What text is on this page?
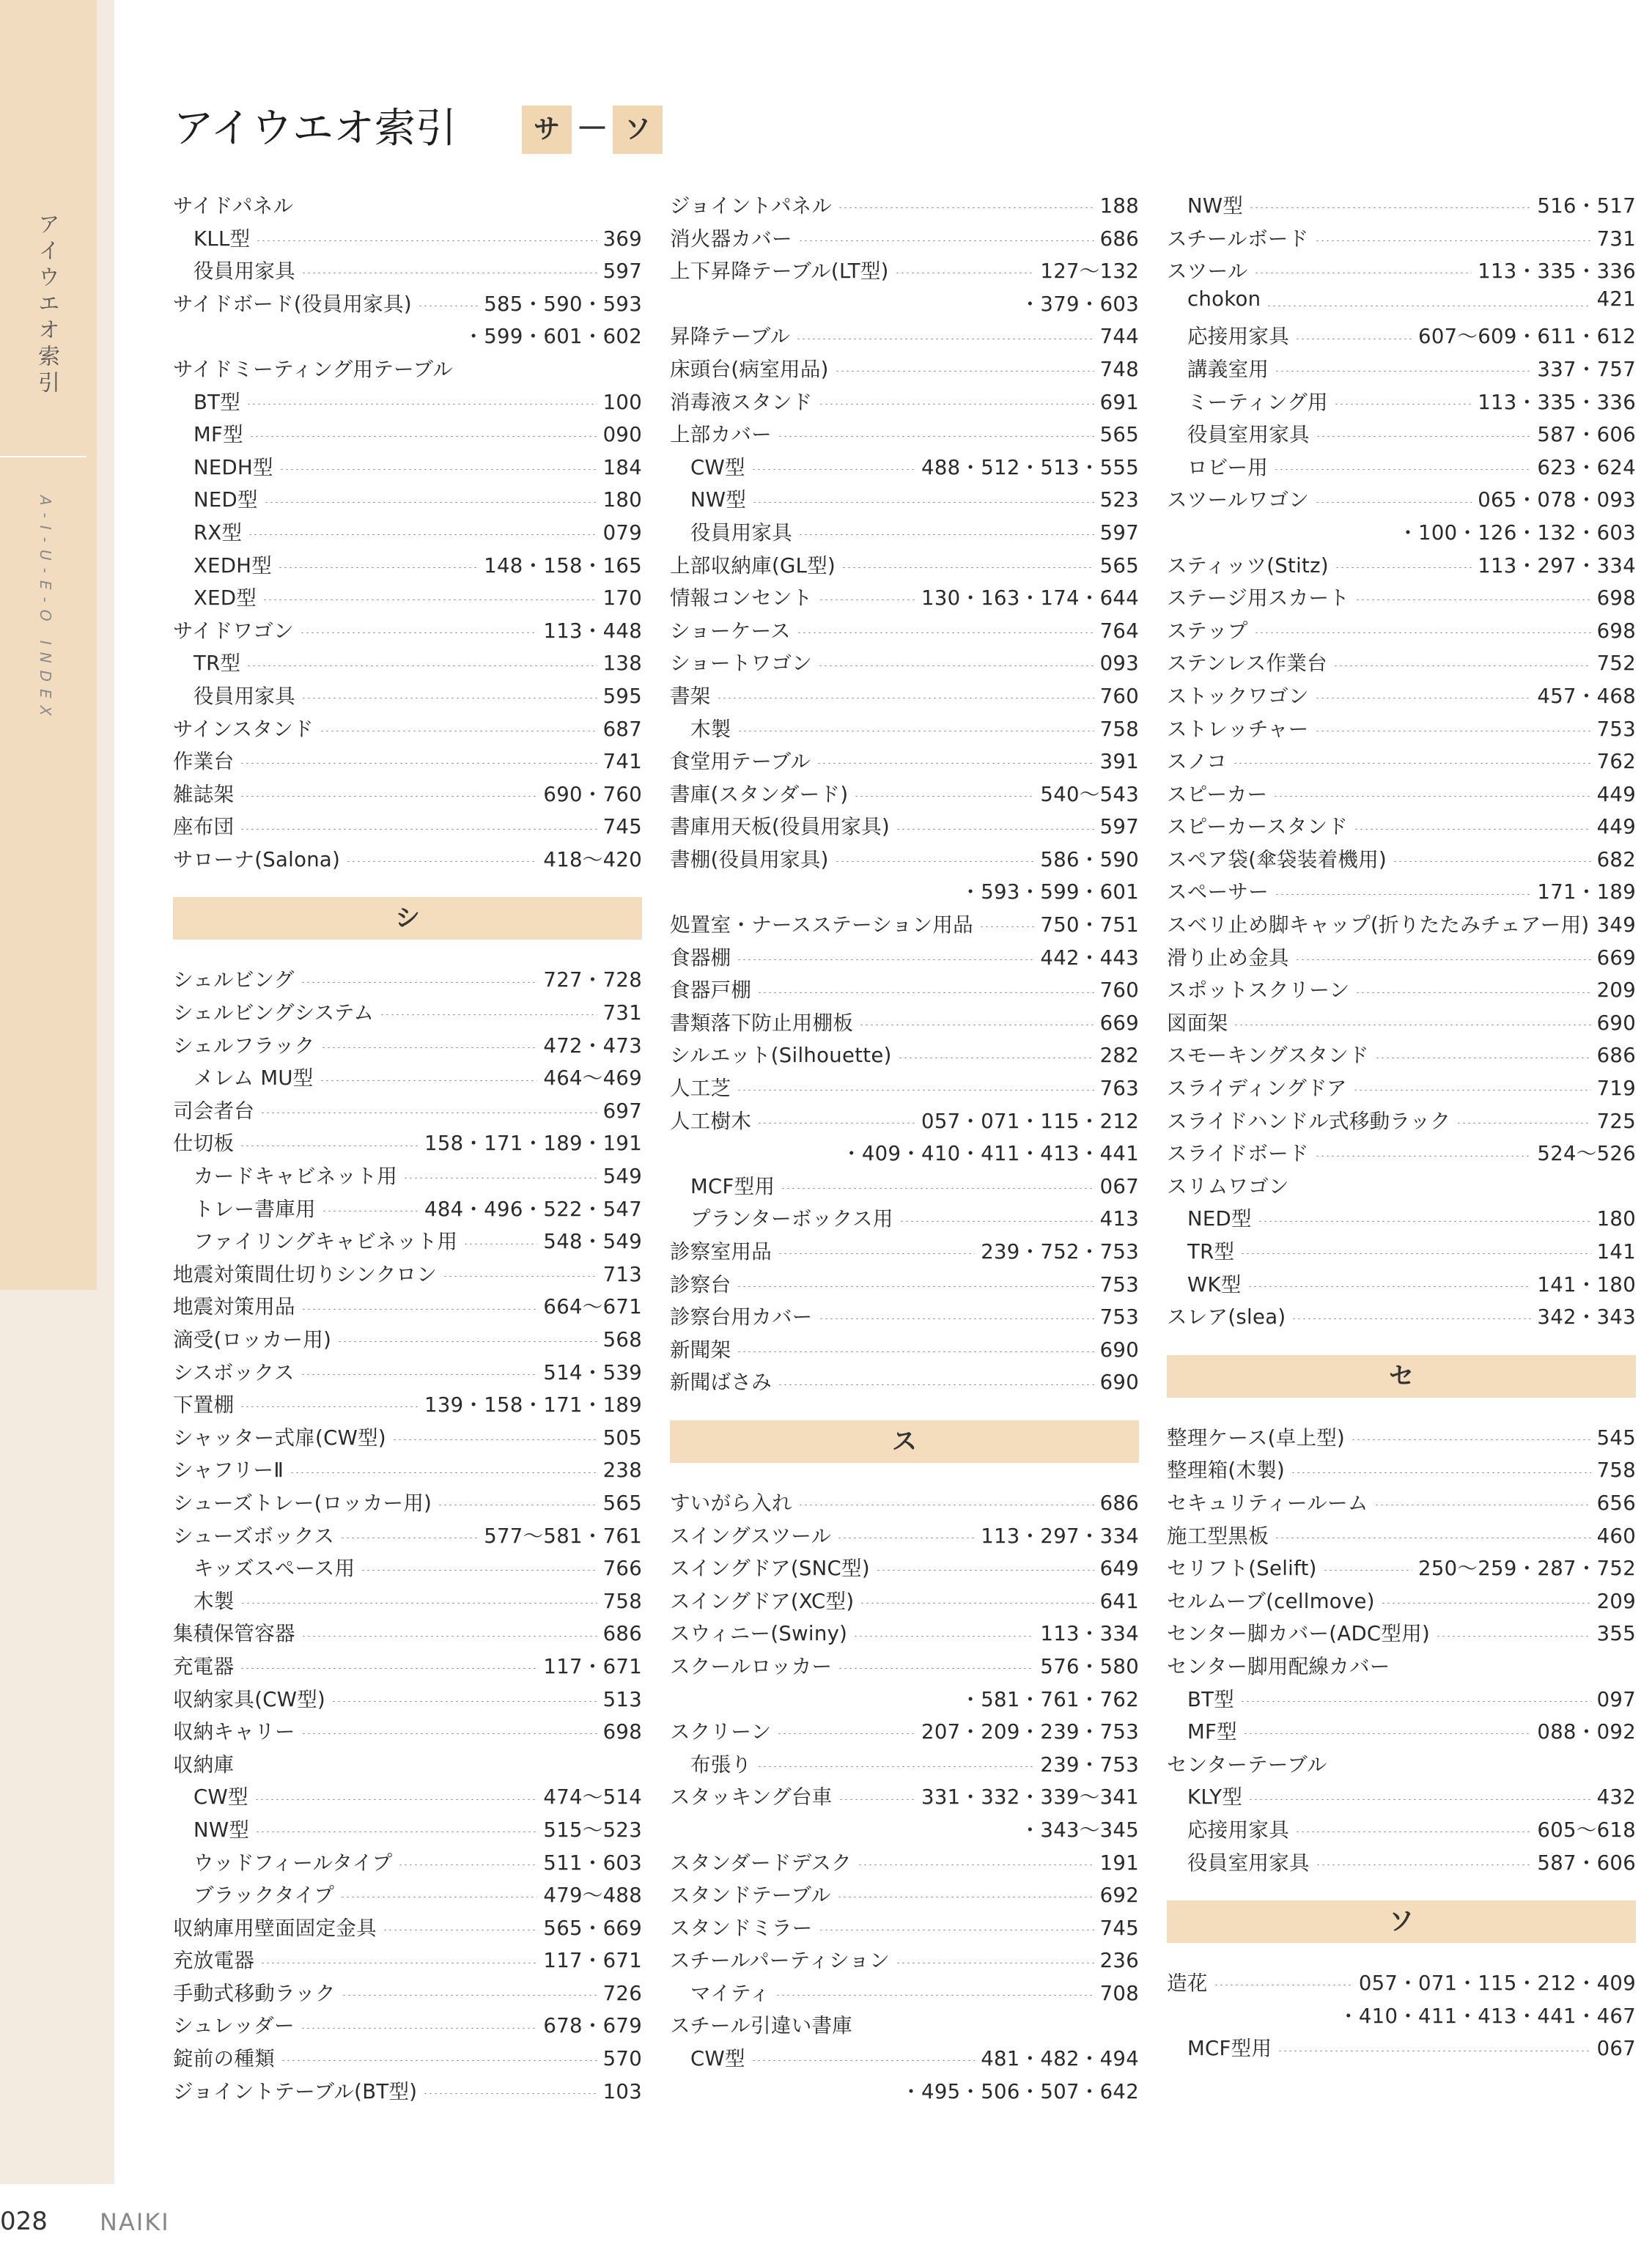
アイウエオ索引
A-I-U-E-O INDEX
アイウエオ索引	サ － ソ
サイドパネル
KLL型	369
役員用家具	597
サイドボード(役員用家具)	585・590・593
・599・601・602
サイドミーティング用テーブル
BT型	100
MF型	090
NEDH型	184
NED型	180
RX型	079
XEDH型	148・158・165
XED型	170
サイドワゴン	113・448
TR型	138
役員用家具	595
サインスタンド	687
作業台	741
雑誌架	690・760
座布団	745
サローナ(Salona)	418～420
シ
シェルビング	727・728
シェルビングシステム	731
シェルフラック	472・473
メレム MU型	464～469
司会者台	697
仕切板	158・171・189・191
カードキャビネット用	549
トレー書庫用	484・496・522・547
ファイリングキャビネット用	548・549
地震対策間仕切りシンクロン	713
地震対策用品	664～671
滴受(ロッカー用)	568
シスボックス	514・539
下置棚	139・158・171・189
シャッター式扉(CW型)	505
シャフリーⅡ	238
シューズトレー(ロッカー用)	565
シューズボックス	577～581・761
キッズスペース用	766
木製	758
集積保管容器	686
充電器	117・671
収納家具(CW型)	513
収納キャリー	698
収納庫
CW型	474～514
NW型	515～523
ウッドフィールタイプ	511・603
ブラックタイプ	479～488
収納庫用壁面固定金具	565・669
充放電器	117・671
手動式移動ラック	726
シュレッダー	678・679
錠前の種類	570
ジョイントテーブル(BT型)	103
ジョイントパネル	188
消火器カバー	686
上下昇降テーブル(LT型)	127～132
・379・603
昇降テーブル	744
床頭台(病室用品)	748
消毒液スタンド	691
上部カバー	565
CW型	488・512・513・555
NW型	523
役員用家具	597
上部収納庫(GL型)	565
情報コンセント	130・163・174・644
ショーケース	764
ショートワゴン	093
書架	760
木製	758
食堂用テーブル	391
書庫(スタンダード)	540～543
書庫用天板(役員用家具)	597
書棚(役員用家具)	586・590
・593・599・601
処置室・ナースステーション用品	750・751
食器棚	442・443
食器戸棚	760
書類落下防止用棚板	669
シルエット(Silhouette)	282
人工芝	763
人工樹木	057・071・115・212
・409・410・411・413・441
MCF型用	067
プランターボックス用	413
診察室用品	239・752・753
診察台	753
診察台用カバー	753
新聞架	690
新聞ばさみ	690
ス
すいがら入れ	686
スイングスツール	113・297・334
スイングドア(SNC型)	649
スイングドア(XC型)	641
スウィニー(Swiny)	113・334
スクールロッカー	576・580
・581・761・762
スクリーン	207・209・239・753
布張り	239・753
スタッキング台車	331・332・339～341
・343～345
スタンダードデスク	191
スタンドテーブル	692
スタンドミラー	745
スチールパーティション	236
マイティ	708
スチール引違い書庫
CW型	481・482・494
・495・506・507・642
NW型	516・517
スチールボード	731
スツール	113・335・336
chokon	421
応接用家具	607～609・611・612
講義室用	337・757
ミーティング用	113・335・336
役員室用家具	587・606
ロビー用	623・624
スツールワゴン	065・078・093
・100・126・132・603
スティッツ(Stitz)	113・297・334
ステージ用スカート	698
ステップ	698
ステンレス作業台	752
ストックワゴン	457・468
ストレッチャー	753
スノコ	762
スピーカー	449
スピーカースタンド	449
スペア袋(傘袋装着機用)	682
スペーサー	171・189
スベリ止め脚キャップ(折りたたみチェアー用) 349
滑り止め金具	669
スポットスクリーン	209
図面架	690
スモーキングスタンド	686
スライディングドア	719
スライドハンドル式移動ラック	725
スライドボード	524～526
スリムワゴン
NED型	180
TR型	141
WK型	141・180
スレア(slea)	342・343
セ
整理ケース(卓上型)	545
整理箱(木製)	758
セキュリティールーム	656
施工型黒板	460
セリフト(Selift)	250～259・287・752
セルムーブ(cellmove)	209
センター脚カバー(ADC型用)	355
センター脚用配線カバー
BT型	097
MF型	088・092
センターテーブル
KLY型	432
応接用家具	605～618
役員室用家具	587・606
ソ
造花	057・071・115・212・409
・410・411・413・441・467
MCF型用	067
028 NAIKI
